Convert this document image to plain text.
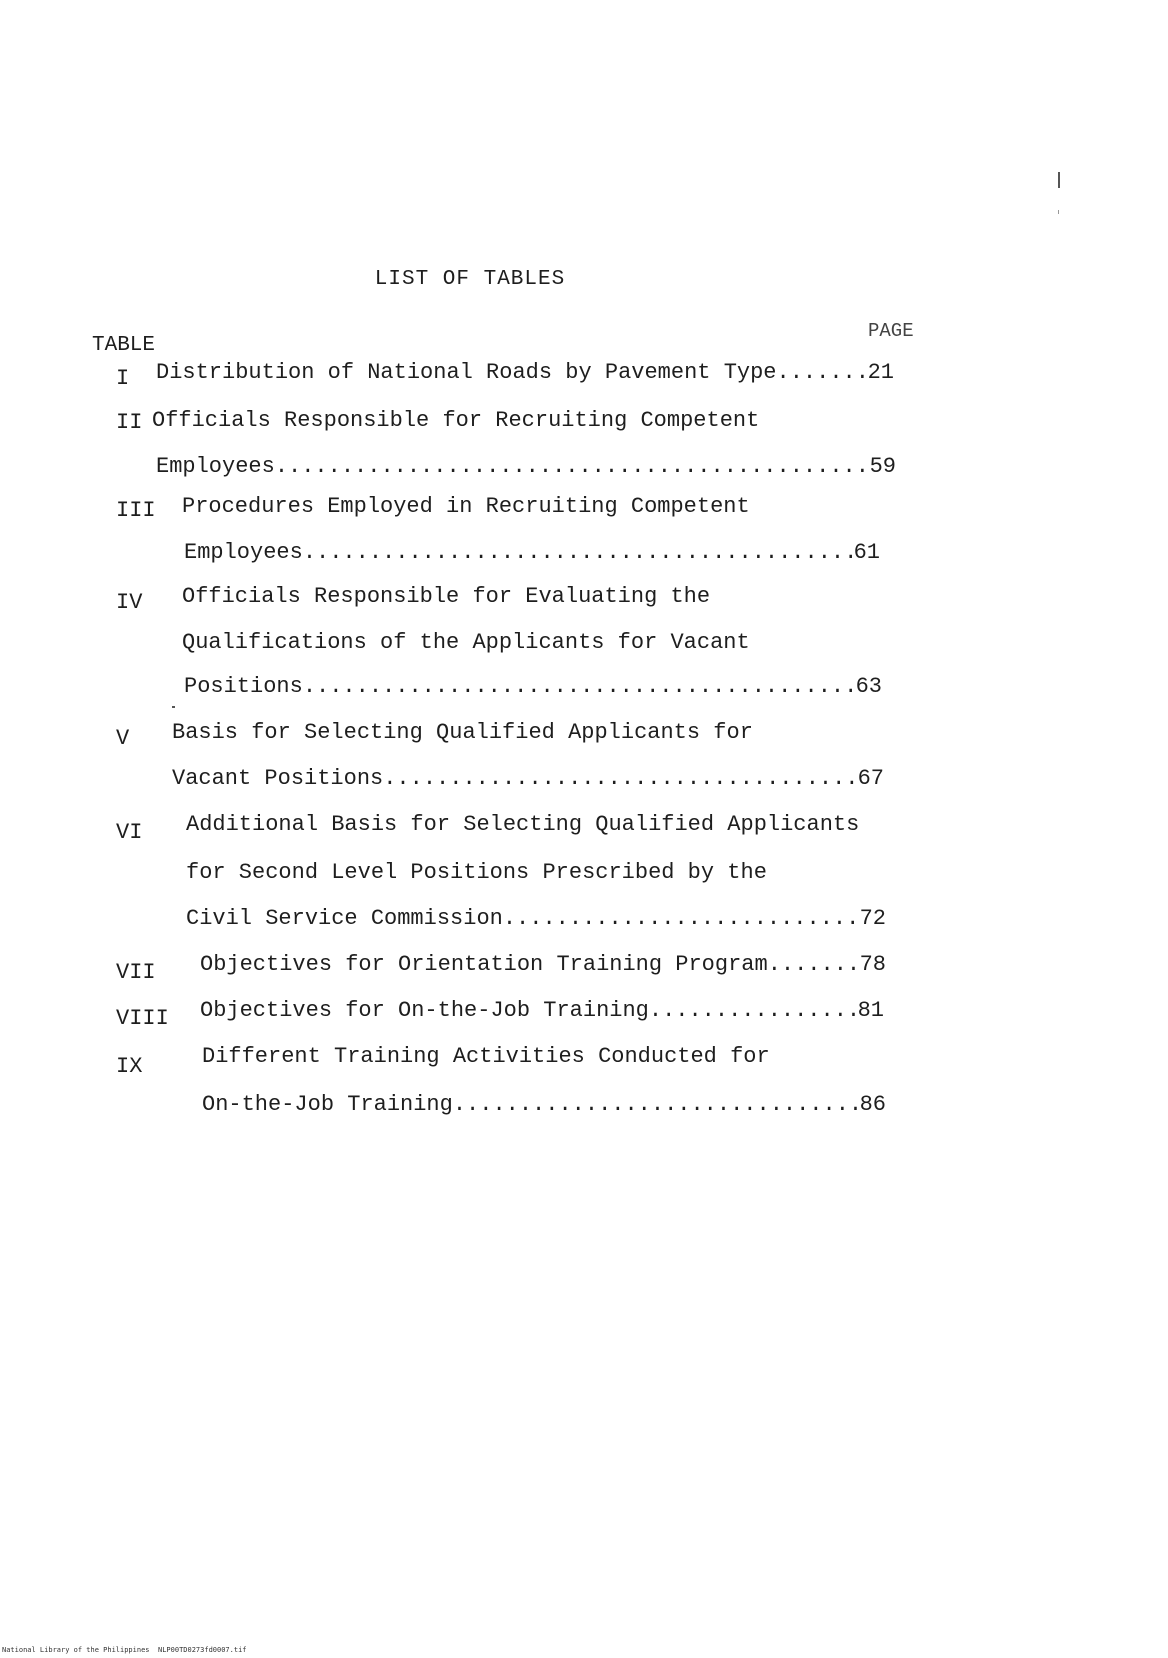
LIST OF TABLES
TABLE
PAGE
I Distribution of National Roads by Pavement Type .....	21
II Officials Responsible for Recruiting Competent
Employees .....	59
III Procedures Employed in Recruiting Competent
Employees .....	61
IV Officials Responsible for Evaluating the
Qualifications of the Applicants for Vacant
Positions .....	63
V Basis for Selecting Qualified Applicants for
Vacant Positions .....	67
VI Additional Basis for Selecting Qualified Applicants
for Second Level Positions Prescribed by the
Civil Service Commission .....	72
VII Objectives for Orientation Training Program .....	78
VIII Objectives for On-the-Job Training .....	81
IX	Different Training Activities Conducted for
On-the-Job Training .....	86
National Library of the Philippines NLP00TD0273fd0007.tif
